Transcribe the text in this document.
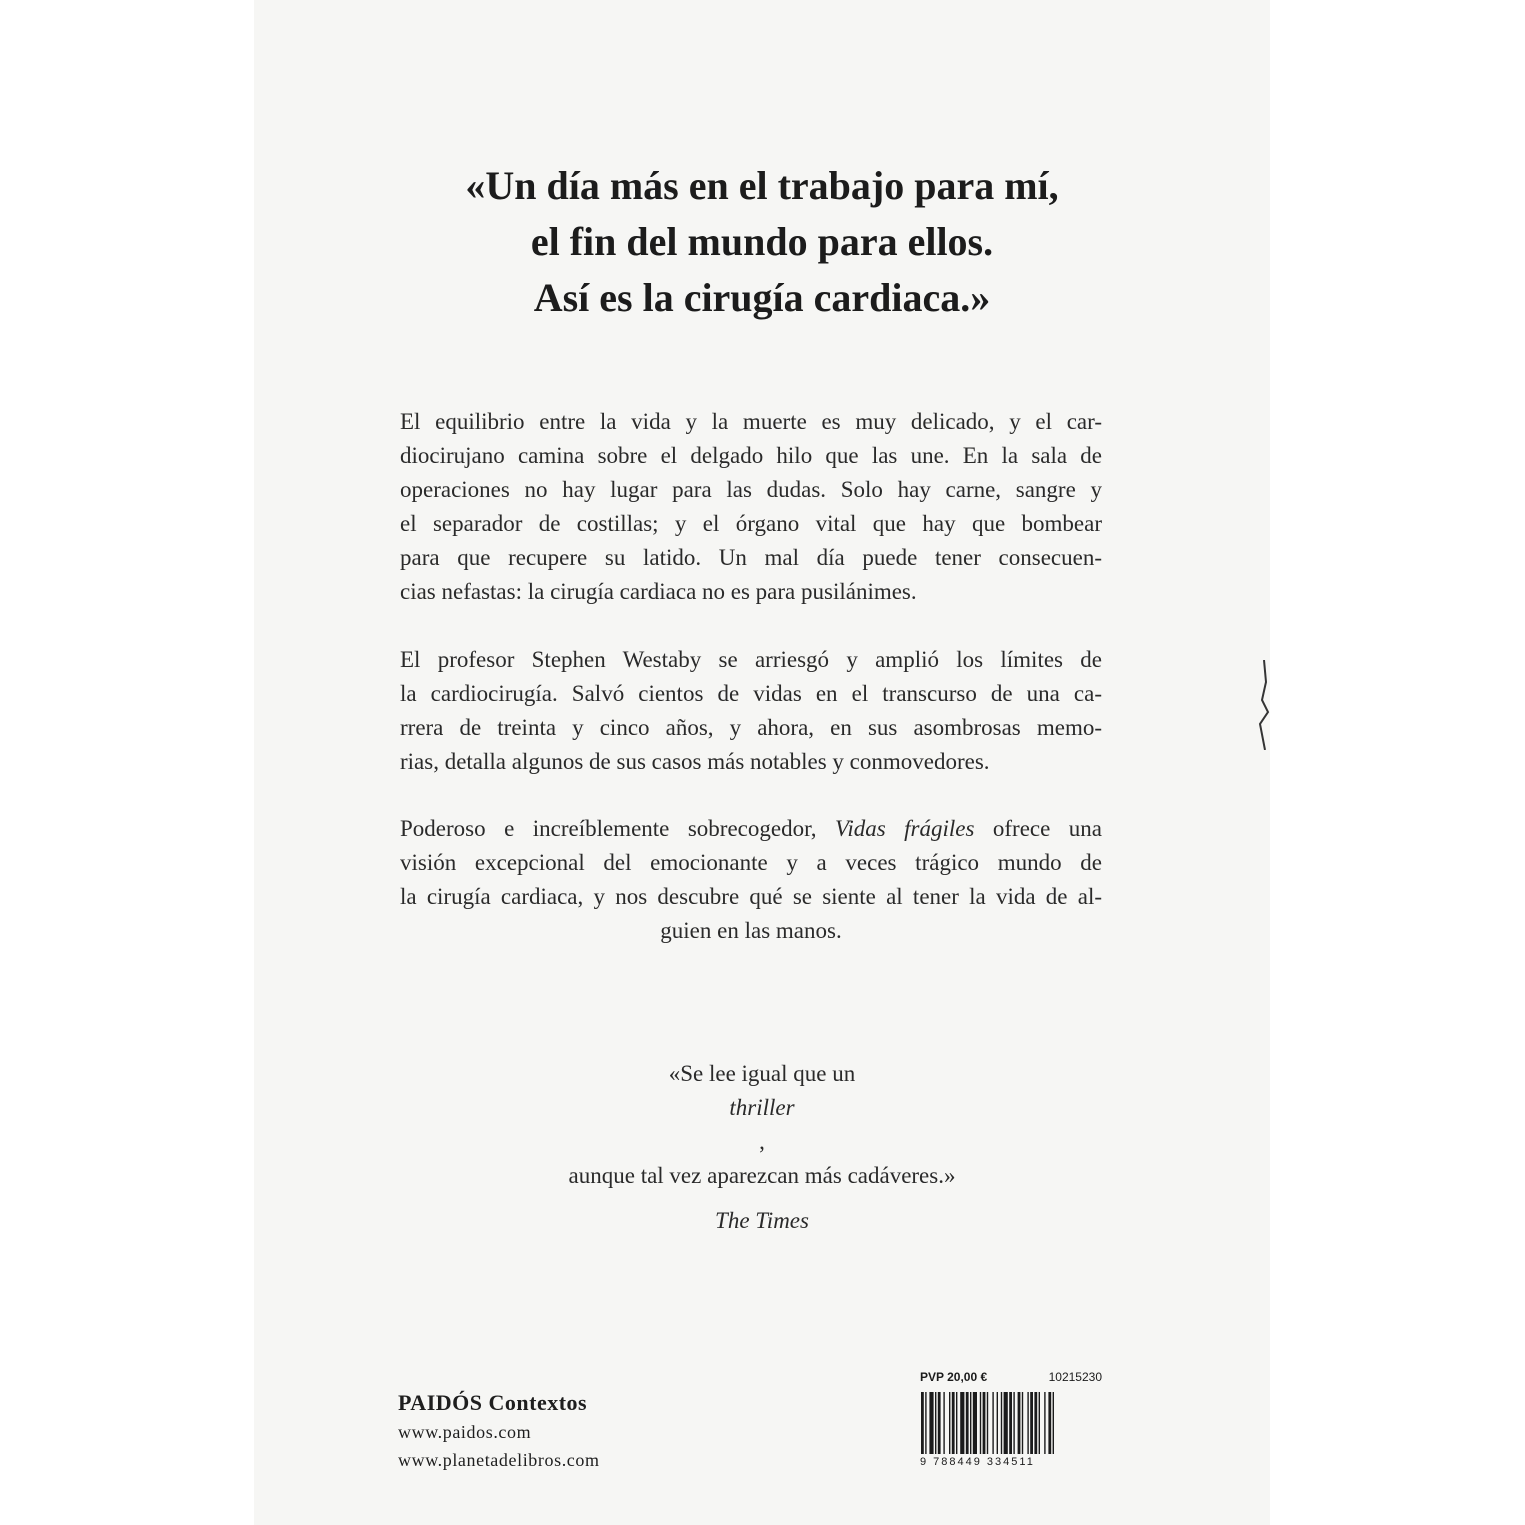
«Un día más en el trabajo para mí,
el fin del mundo para ellos.
Así es la cirugía cardiaca.»

El equilibrio entre la vida y la muerte es muy delicado, y el car-
diocirujano camina sobre el delgado hilo que las une. En la sala de
operaciones no hay lugar para las dudas. Solo hay carne, sangre y
el separador de costillas; y el órgano vital que hay que bombear
para que recupere su latido. Un mal día puede tener consecuen-
cias nefastas: la cirugía cardiaca no es para pusilánimes.

El profesor Stephen Westaby se arriesgó y amplió los límites de
la cardiocirugía. Salvó cientos de vidas en el transcurso de una ca-
rrera de treinta y cinco años, y ahora, en sus asombrosas memo-
rias, detalla algunos de sus casos más notables y conmovedores.

Poderoso e increíblemente sobrecogedor, Vidas frágiles ofrece una
visión excepcional del emocionante y a veces trágico mundo de
la cirugía cardiaca, y nos descubre qué se siente al tener la vida de al-
guien en las manos.

«Se lee igual que un
thriller
,
aunque tal vez aparezcan más cadáveres.»
The Times

PAIDÓS Contextos
www.paidos.com
www.planetadelibros.com
PVP 20,00 €	10215230
9 788449 334511
